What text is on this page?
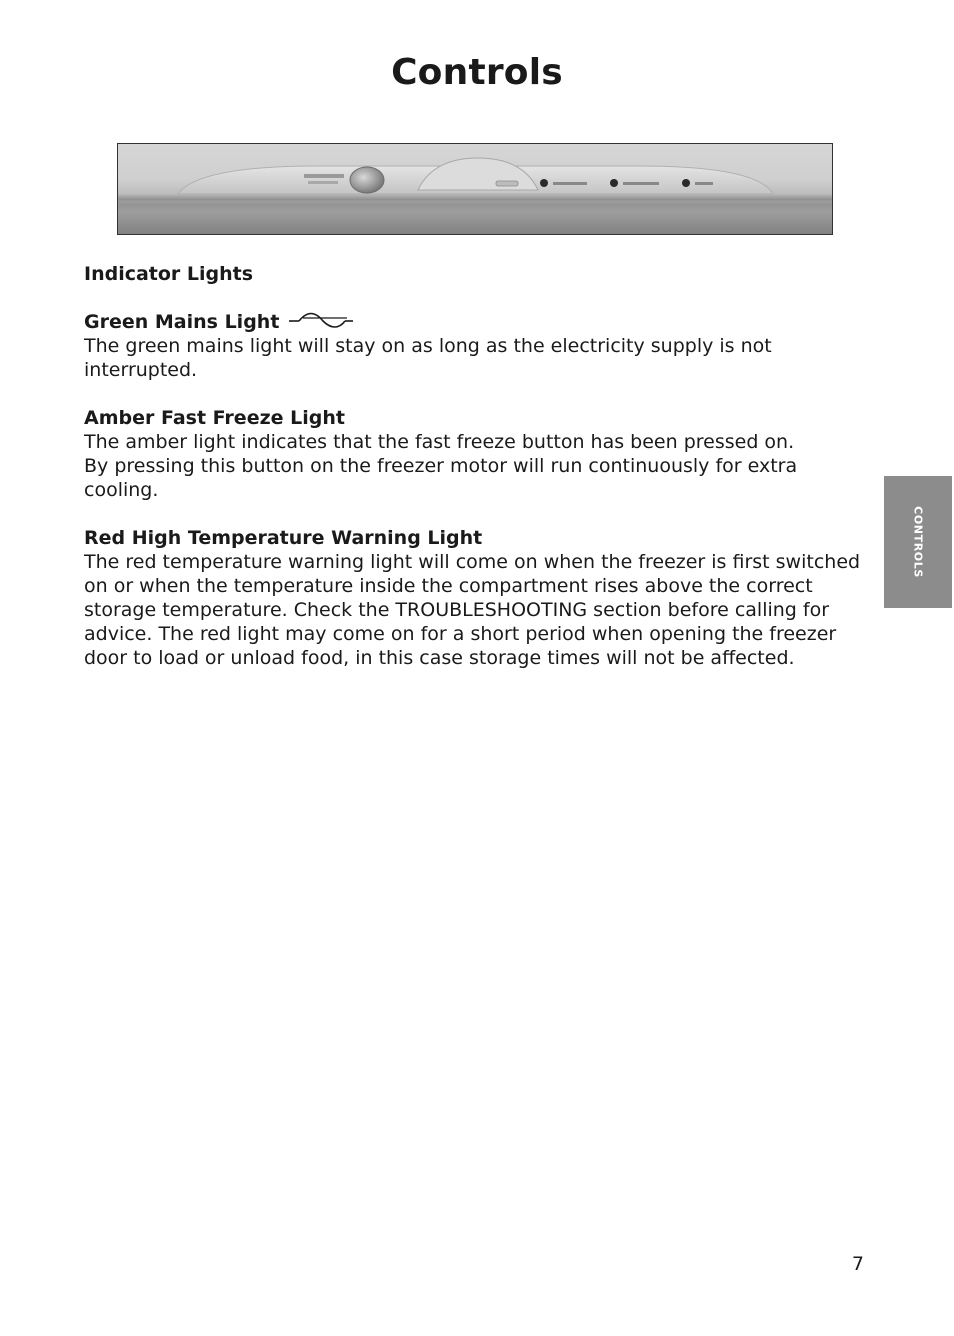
Controls

Indicator Lights

Green Mains Light

The green mains light will stay on as long as the electricity supply is not interrupted.

Amber Fast Freeze Light

The amber light indicates that the fast freeze button has been pressed on.

By pressing this button on the freezer motor will run continuously for extra cooling.

Red High Temperature Warning Light

The red temperature warning light will come on when the freezer is first switched on or when the temperature inside the compartment rises above the correct storage temperature. Check the TROUBLESHOOTING section before calling for advice. The red light may come on for a short period when opening the freezer door to load or unload food, in this case storage times will not be affected.

CONTROLS
7
